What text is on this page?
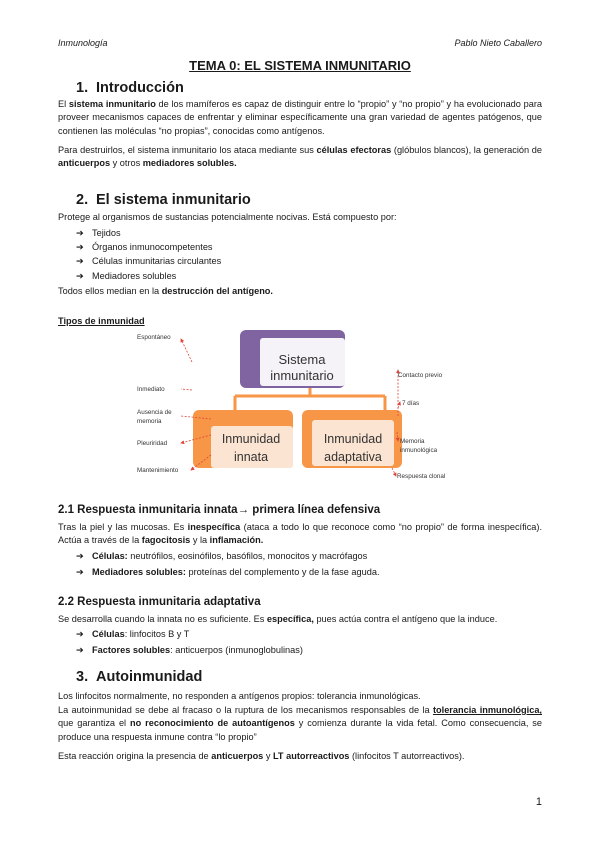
Inmunología	Pablo Nieto Caballero
TEMA 0: EL SISTEMA INMUNITARIO
1. Introducción
El sistema inmunitario de los mamíferos es capaz de distinguir entre lo “propio” y “no propio” y ha evolucionado para proveer mecanismos capaces de enfrentar y eliminar específicamente una gran variedad de agentes patógenos, que contienen las moléculas “no propias”, conocidas como antígenos.
Para destruirlos, el sistema inmunitario los ataca mediante sus células efectoras (glóbulos blancos), la generación de anticuerpos y otros mediadores solubles.
2. El sistema inmunitario
Protege al organismos de sustancias potencialmente nocivas. Está compuesto por:
➔ Tejidos
➔ Órganos inmunocompetentes
➔ Células inmunitarias circulantes
➔ Mediadores solubles
Todos ellos median en la destrucción del antígeno.
Tipos de inmunidad
Sistema
inmunitario
Inmunidad
innata
Inmunidad
adaptativa
Espontáneo
Inmediato
Ausencia de
memoria
Pleuriridad
Mantenimiento
Contacto previo
7 días
Memoria
inmunológica
Respuesta clonal
2.1 Respuesta inmunitaria innata→ primera línea defensiva
Tras la piel y las mucosas. Es inespecífica (ataca a todo lo que reconoce como “no propio” de forma inespecífica). Actúa a través de la fagocitosis y la inflamación.
➔ Células: neutrófilos, eosinófilos, basófilos, monocitos y macrófagos
➔ Mediadores solubles: proteínas del complemento y de la fase aguda.
2.2 Respuesta inmunitaria adaptativa
Se desarrolla cuando la innata no es suficiente. Es específica, pues actúa contra el antígeno que la induce.
➔ Células: linfocitos B y T
➔ Factores solubles: anticuerpos (inmunoglobulinas)
3. Autoinmunidad
Los linfocitos normalmente, no responden a antígenos propios: tolerancia inmunológicas.
La autoinmunidad se debe al fracaso o la ruptura de los mecanismos responsables de la tolerancia inmunológica, que garantiza el no reconocimiento de autoantígenos y comienza durante la vida fetal. Como consecuencia, se produce una respuesta inmune contra “lo propio”
Esta reacción origina la presencia de anticuerpos y LT autorreactivos (linfocitos T autorreactivos).
1
